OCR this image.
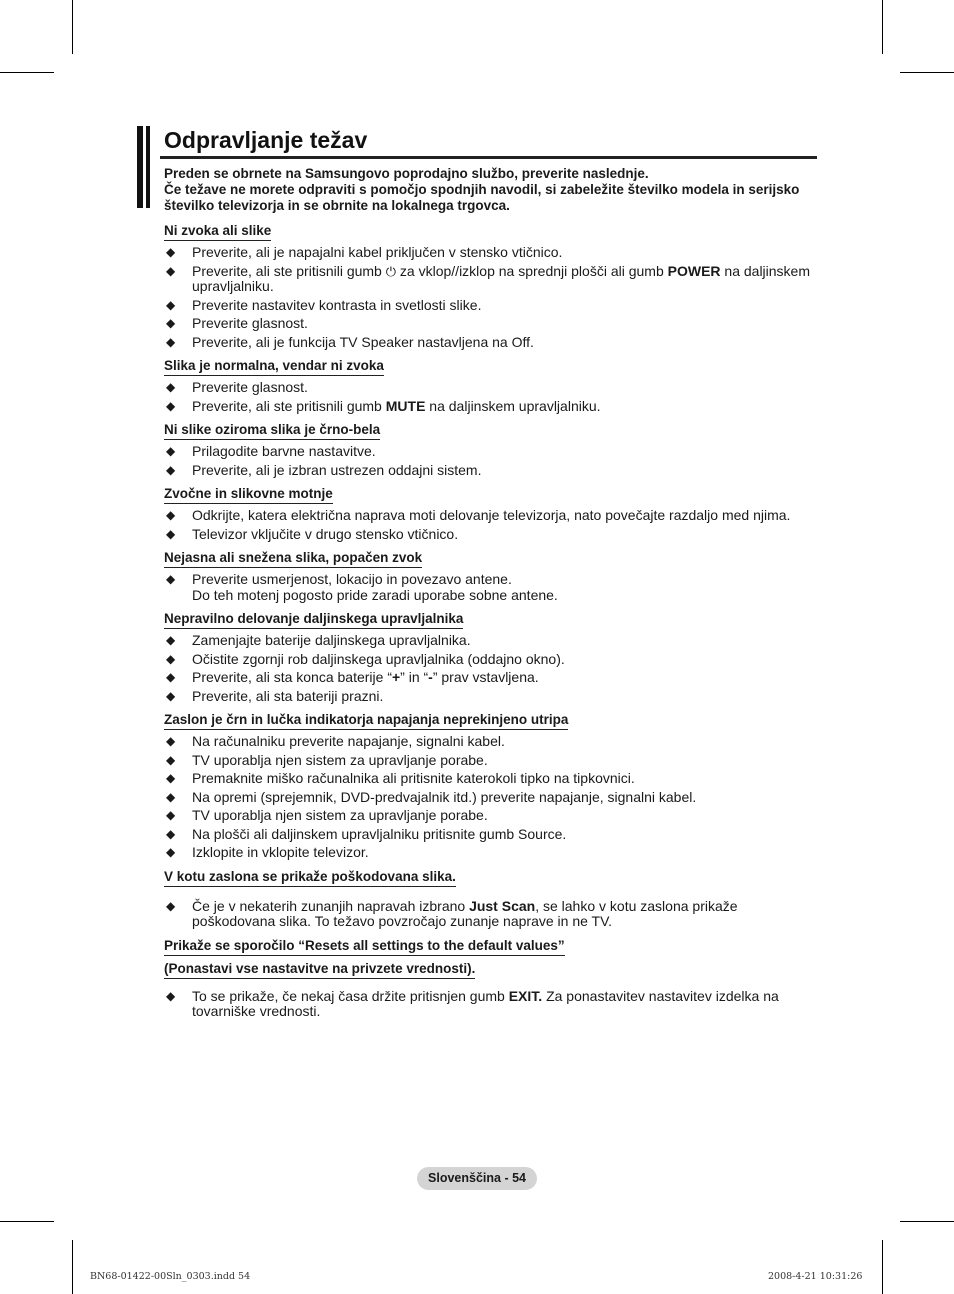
Odpravljanje težav
Preden se obrnete na Samsungovo poprodajno službo, preverite naslednje.
Če težave ne morete odpraviti s pomočjo spodnjih navodil, si zabeležite številko modela in serijsko številko televizorja in se obrnite na lokalnega trgovca.
Ni zvoka ali slike
◆ Preverite, ali je napajalni kabel priključen v stensko vtičnico.
◆ Preverite, ali ste pritisnili gumb ⏻ za vklop//izklop na sprednji plošči ali gumb POWER na daljinskem upravljalniku.
◆ Preverite nastavitev kontrasta in svetlosti slike.
◆ Preverite glasnost.
◆ Preverite, ali je funkcija TV Speaker nastavljena na Off.
Slika je normalna, vendar ni zvoka
◆ Preverite glasnost.
◆ Preverite, ali ste pritisnili gumb MUTE na daljinskem upravljalniku.
Ni slike oziroma slika je črno-bela
◆ Prilagodite barvne nastavitve.
◆ Preverite, ali je izbran ustrezen oddajni sistem.
Zvočne in slikovne motnje
◆ Odkrijte, katera električna naprava moti delovanje televizorja, nato povečajte razdaljo med njima.
◆ Televizor vključite v drugo stensko vtičnico.
Nejasna ali snežena slika, popačen zvok
◆ Preverite usmerjenost, lokacijo in povezavo antene.
Do teh motenj pogosto pride zaradi uporabe sobne antene.
Nepravilno delovanje daljinskega upravljalnika
◆ Zamenjajte baterije daljinskega upravljalnika.
◆ Očistite zgornji rob daljinskega upravljalnika (oddajno okno).
◆ Preverite, ali sta konca baterije “+” in “-” prav vstavljena.
◆ Preverite, ali sta bateriji prazni.
Zaslon je črn in lučka indikatorja napajanja neprekinjeno utripa
◆ Na računalniku preverite napajanje, signalni kabel.
◆ TV uporablja njen sistem za upravljanje porabe.
◆ Premaknite miško računalnika ali pritisnite katerokoli tipko na tipkovnici.
◆ Na opremi (sprejemnik, DVD-predvajalnik itd.) preverite napajanje, signalni kabel.
◆ TV uporablja njen sistem za upravljanje porabe.
◆ Na plošči ali daljinskem upravljalniku pritisnite gumb Source.
◆ Izklopite in vklopite televizor.
V kotu zaslona se prikaže poškodovana slika.
◆ Če je v nekaterih zunanjih napravah izbrano Just Scan, se lahko v kotu zaslona prikaže poškodovana slika. To težavo povzročajo zunanje naprave in ne TV.
Prikaže se sporočilo “Resets all settings to the default values”
(Ponastavi vse nastavitve na privzete vrednosti).
◆ To se prikaže, če nekaj časa držite pritisnjen gumb EXIT. Za ponastavitev nastavitev izdelka na tovarniške vrednosti.
Slovenščina - 54
BN68-01422-00Sln_0303.indd 54	2008-4-21 10:31:26
